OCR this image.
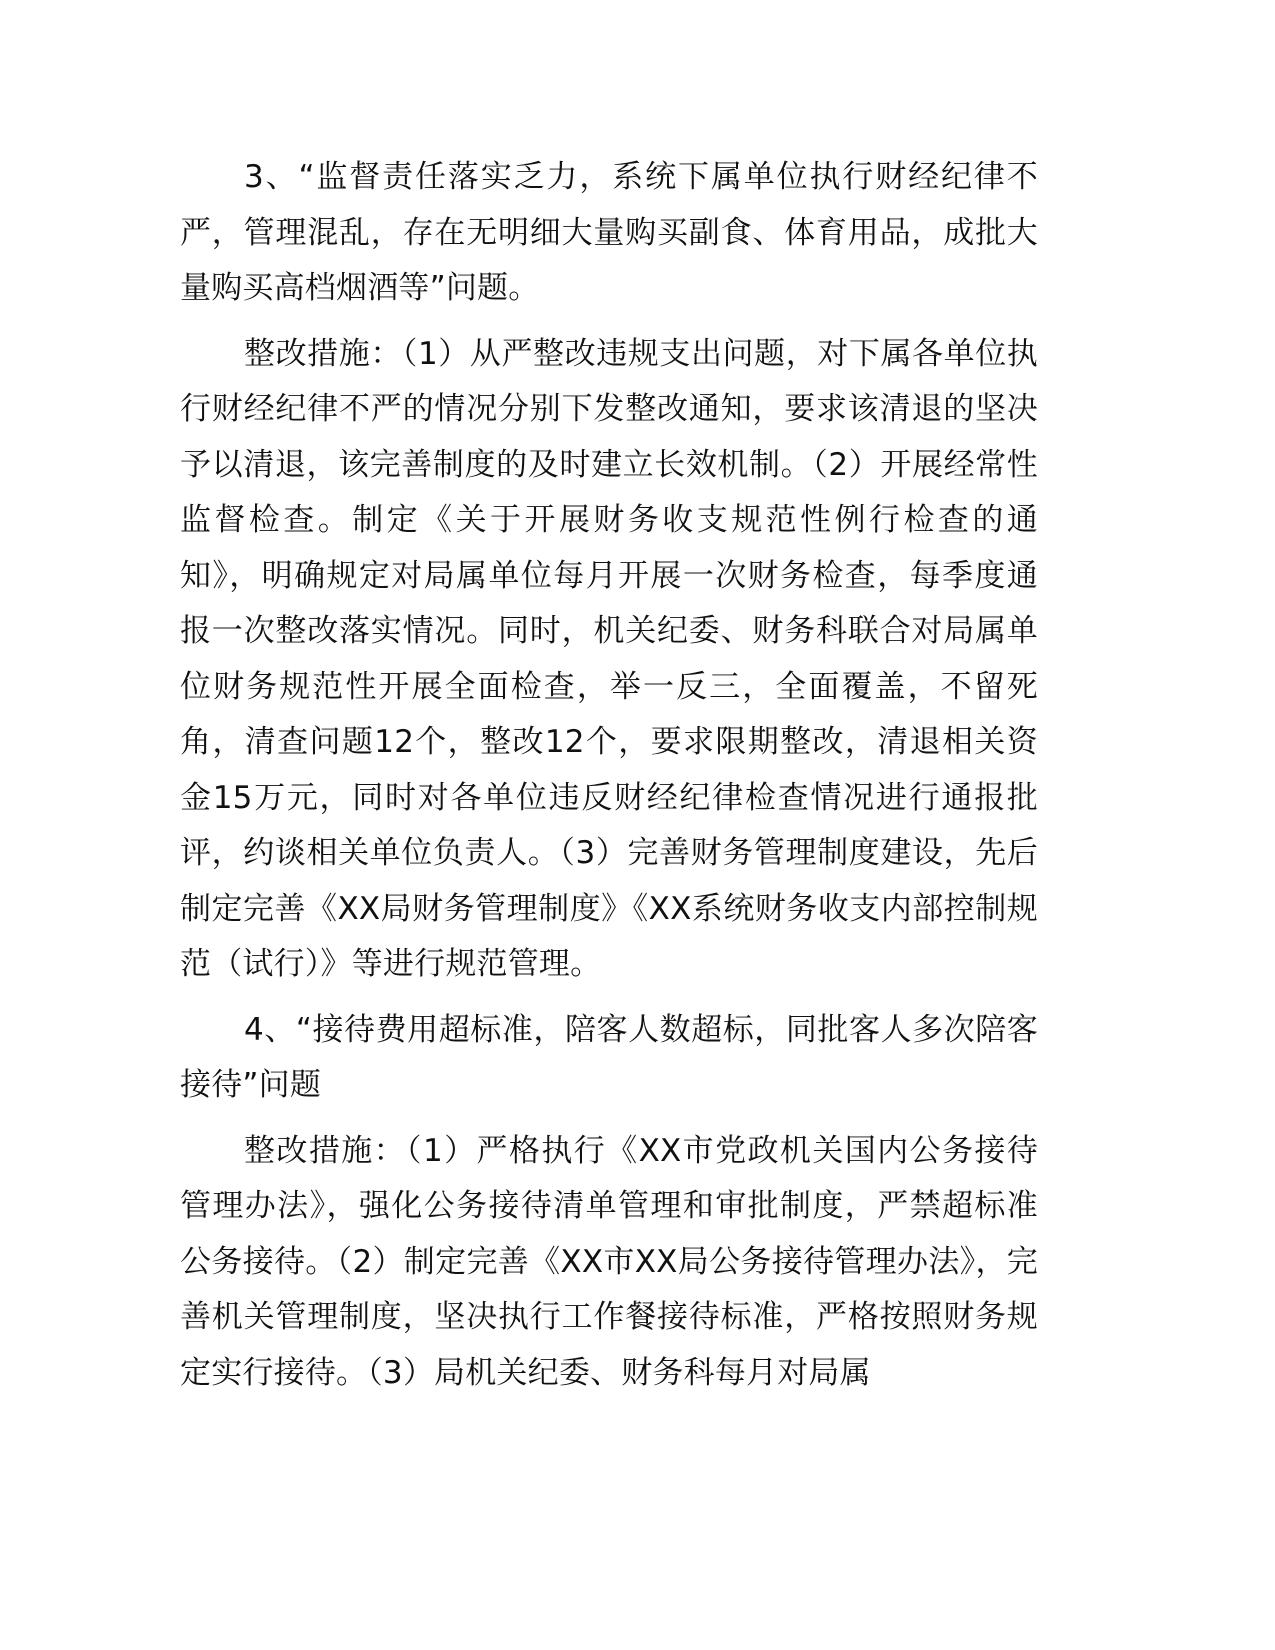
3、“监督责任落实乏力，系统下属单位执行财经纪律不严，管理混乱，存在无明细大量购买副食、体育用品，成批大量购买高档烟酒等”问题。

整改措施：（1）从严整改违规支出问题，对下属各单位执行财经纪律不严的情况分别下发整改通知，要求该清退的坚决予以清退，该完善制度的及时建立长效机制。（2）开展经常性监督检查。制定《关于开展财务收支规范性例行检查的通知》，明确规定对局属单位每月开展一次财务检查，每季度通报一次整改落实情况。同时，机关纪委、财务科联合对局属单位财务规范性开展全面检查，举一反三，全面覆盖，不留死角，清查问题12个，整改12个，要求限期整改，清退相关资金15万元，同时对各单位违反财经纪律检查情况进行通报批评，约谈相关单位负责人。（3）完善财务管理制度建设，先后制定完善《XX局财务管理制度》《XX系统财务收支内部控制规范（试行）》等进行规范管理。

4、“接待费用超标准，陪客人数超标，同批客人多次陪客接待”问题

整改措施：（1）严格执行《XX市党政机关国内公务接待管理办法》，强化公务接待清单管理和审批制度，严禁超标准公务接待。（2）制定完善《XX市XX局公务接待管理办法》，完善机关管理制度，坚决执行工作餐接待标准，严格按照财务规定实行接待。（3）局机关纪委、财务科每月对局属
